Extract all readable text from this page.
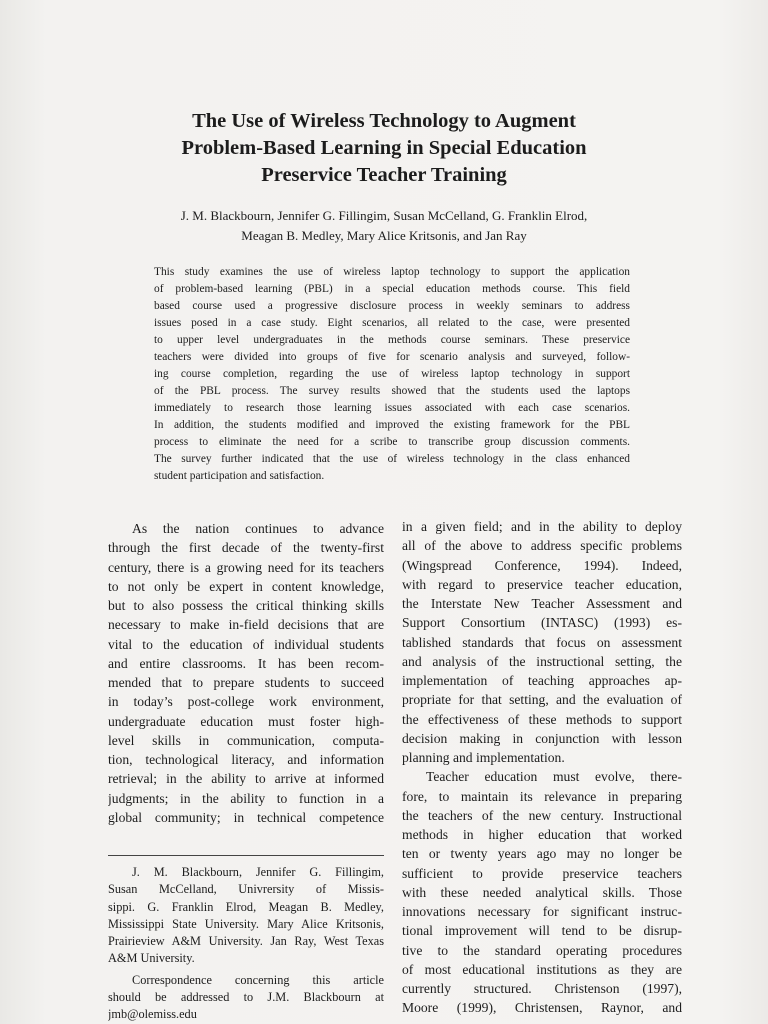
The Use of Wireless Technology to Augment
Problem-Based Learning in Special Education
Preservice Teacher Training
J. M. Blackbourn, Jennifer G. Fillingim, Susan McCelland, G. Franklin Elrod,
Meagan B. Medley, Mary Alice Kritsonis, and Jan Ray
This study examines the use of wireless laptop technology to support the application
of problem-based learning (PBL) in a special education methods course. This field
based course used a progressive disclosure process in weekly seminars to address
issues posed in a case study. Eight scenarios, all related to the case, were presented
to upper level undergraduates in the methods course seminars. These preservice
teachers were divided into groups of five for scenario analysis and surveyed, follow-
ing course completion, regarding the use of wireless laptop technology in support
of the PBL process. The survey results showed that the students used the laptops
immediately to research those learning issues associated with each case scenarios.
In addition, the students modified and improved the existing framework for the PBL
process to eliminate the need for a scribe to transcribe group discussion comments.
The survey further indicated that the use of wireless technology in the class enhanced
student participation and satisfaction.
As the nation continues to advance
through the first decade of the twenty-first
century, there is a growing need for its teachers
to not only be expert in content knowledge,
but to also possess the critical thinking skills
necessary to make in-field decisions that are
vital to the education of individual students
and entire classrooms. It has been recom-
mended that to prepare students to succeed
in today’s post-college work environment,
undergraduate education must foster high-
level skills in communication, computa-
tion, technological literacy, and information
retrieval; in the ability to arrive at informed
judgments; in the ability to function in a
global community; in technical competence
in a given field; and in the ability to deploy
all of the above to address specific problems
(Wingspread Conference, 1994). Indeed,
with regard to preservice teacher education,
the Interstate New Teacher Assessment and
Support Consortium (INTASC) (1993) es-
tablished standards that focus on assessment
and analysis of the instructional setting, the
implementation of teaching approaches ap-
propriate for that setting, and the evaluation of
the effectiveness of these methods to support
decision making in conjunction with lesson
planning and implementation.
Teacher education must evolve, there-
fore, to maintain its relevance in preparing
the teachers of the new century. Instructional
methods in higher education that worked
ten or twenty years ago may no longer be
sufficient to provide preservice teachers
with these needed analytical skills. Those
innovations necessary for significant instruc-
tional improvement will tend to be disrup-
tive to the standard operating procedures
of most educational institutions as they are
currently structured. Christenson (1997),
Moore (1999), Christensen, Raynor, and
J. M. Blackbourn, Jennifer G. Fillingim,
Susan McCelland, Univrersity of Missis-
sippi. G. Franklin Elrod, Meagan B. Medley,
Mississippi State University. Mary Alice Kritsonis,
Prairieview A&M University. Jan Ray, West Texas
A&M University.
Correspondence concerning this article
should be addressed to J.M. Blackbourn at
jmb@olemiss.edu
